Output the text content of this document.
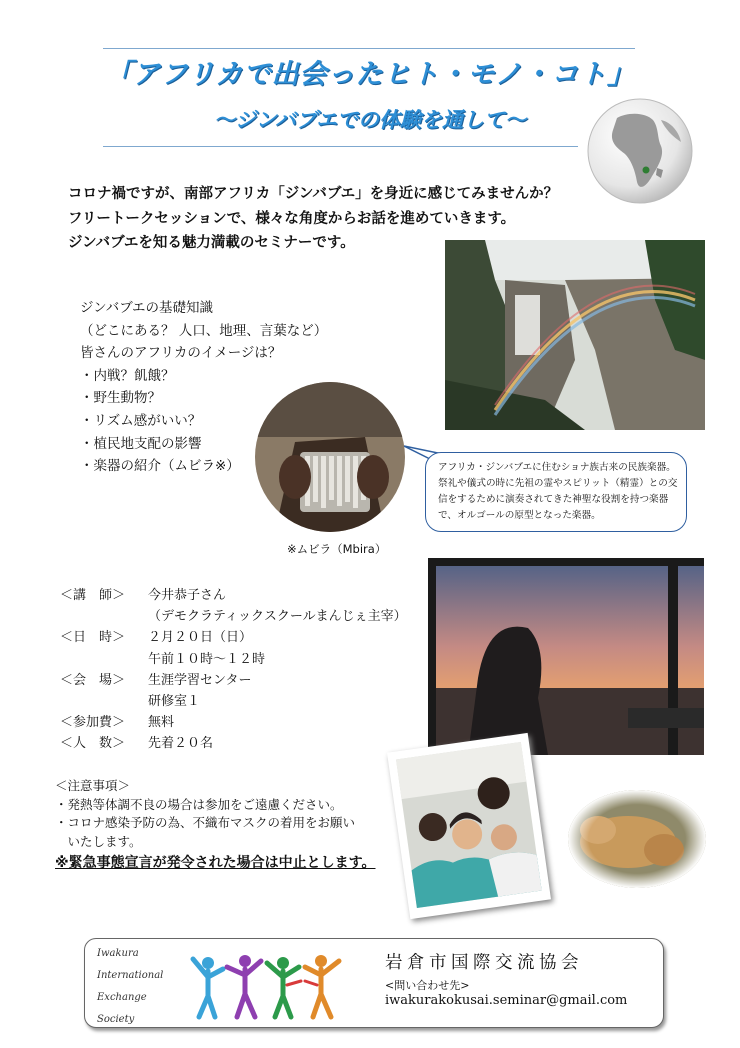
「アフリカで出会ったヒト・モノ・コト」
～ジンバブエでの体験を通して～
コロナ禍ですが、南部アフリカ「ジンバブエ」を身近に感じてみませんか？
フリートークセッションで、様々な角度からお話を進めていきます。
ジンバブエを知る魅力満載のセミナーです。
ジンバブエの基礎知識
（どこにある？ 人口、地理、言葉など）
皆さんのアフリカのイメージは？
・内戦？飢餓？
・野生動物？
・リズム感がいい？
・植民地支配の影響
・楽器の紹介（ムビラ※）	アフリカ・ジンバブエに住むショナ族古来の民族楽器。
祭礼や儀式の時に先祖の霊やスピリット（精霊）との交
信をするために演奏されてきた神聖な役割を持つ楽器
で、オルゴールの原型となった楽器。
※ムビラ（Mbira）
＜講　師＞	今井恭子さん
（デモクラティックスクールまんじぇ主宰）
＜日　時＞	２月２０日（日）
午前１０時～１２時
＜会　場＞	生涯学習センター
研修室１
＜参加費＞	無料
＜人　数＞	先着２０名
＜注意事項＞
・発熱等体調不良の場合は参加をご遠慮ください。
・コロナ感染予防の為、不織布マスクの着用をお願い
　いたします。
※緊急事態宣言が発令された場合は中止とします。
Iwakura
International
Exchange
Society
岩倉市国際交流協会
<問い合わせ先>
iwakurakokusai.seminar@gmail.com
